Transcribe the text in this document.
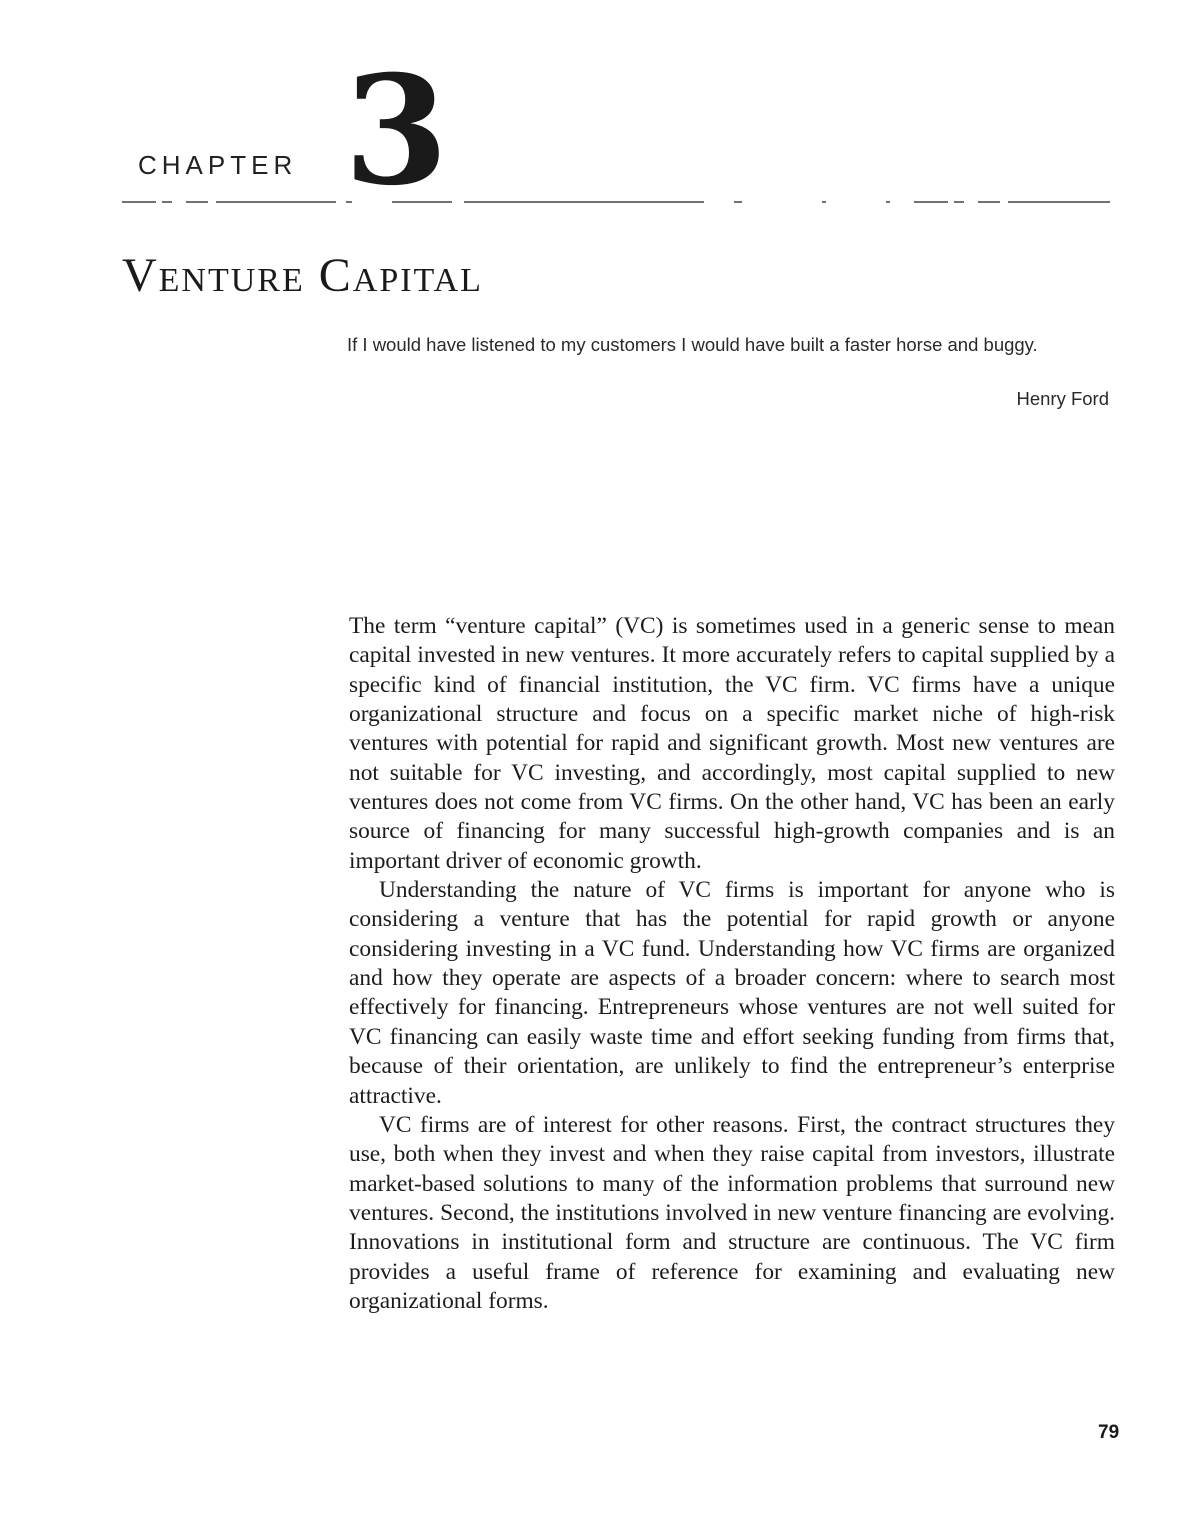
CHAPTER 3
Venture Capital
If I would have listened to my customers I would have built a faster horse and buggy.
Henry Ford

The term “venture capital” (VC) is sometimes used in a generic sense to mean capital invested in new ventures. It more accurately refers to capital supplied by a specific kind of financial institution, the VC firm. VC firms have a unique organizational structure and focus on a specific market niche of high-risk ventures with potential for rapid and significant growth. Most new ventures are not suitable for VC investing, and accordingly, most capital supplied to new ventures does not come from VC firms. On the other hand, VC has been an early source of financing for many successful high-growth companies and is an important driver of economic growth.

Understanding the nature of VC firms is important for anyone who is considering a venture that has the potential for rapid growth or anyone considering investing in a VC fund. Understanding how VC firms are organized and how they operate are aspects of a broader concern: where to search most effectively for financing. Entrepreneurs whose ventures are not well suited for VC financing can easily waste time and effort seeking funding from firms that, because of their orientation, are unlikely to find the entrepreneur’s enterprise attractive.

VC firms are of interest for other reasons. First, the contract structures they use, both when they invest and when they raise capital from investors, illustrate market-based solutions to many of the information problems that surround new ventures. Second, the institutions involved in new venture financing are evolving. Innovations in institutional form and structure are continuous. The VC firm provides a useful frame of reference for examining and evaluating new organizational forms.

79
